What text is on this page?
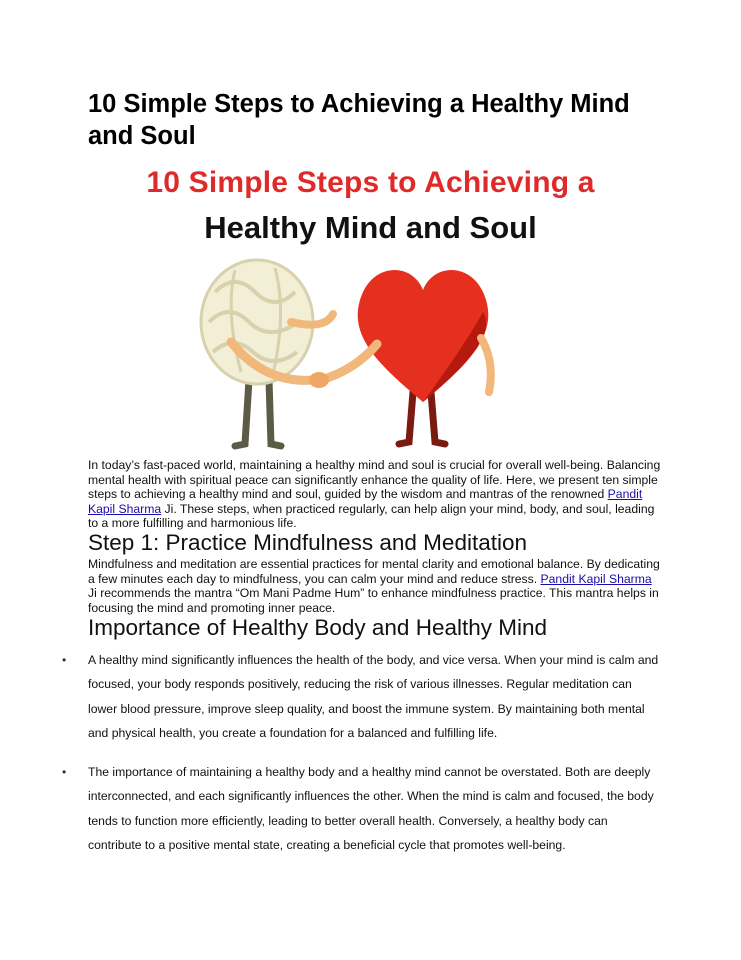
10 Simple Steps to Achieving a Healthy Mind and Soul
10 Simple Steps to Achieving a
Healthy Mind and Soul

In today’s fast-paced world, maintaining a healthy mind and soul is crucial for overall well-being. Balancing mental health with spiritual peace can significantly enhance the quality of life. Here, we present ten simple steps to achieving a healthy mind and soul, guided by the wisdom and mantras of the renowned Pandit Kapil Sharma Ji. These steps, when practiced regularly, can help align your mind, body, and soul, leading to a more fulfilling and harmonious life.

Step 1: Practice Mindfulness and Meditation

Mindfulness and meditation are essential practices for mental clarity and emotional balance. By dedicating a few minutes each day to mindfulness, you can calm your mind and reduce stress. Pandit Kapil Sharma Ji recommends the mantra “Om Mani Padme Hum” to enhance mindfulness practice. This mantra helps in focusing the mind and promoting inner peace.

Importance of Healthy Body and Healthy Mind
• A healthy mind significantly influences the health of the body, and vice versa. When your mind is calm and focused, your body responds positively, reducing the risk of various illnesses. Regular meditation can lower blood pressure, improve sleep quality, and boost the immune system. By maintaining both mental and physical health, you create a foundation for a balanced and fulfilling life.
• The importance of maintaining a healthy body and a healthy mind cannot be overstated. Both are deeply interconnected, and each significantly influences the other. When the mind is calm and focused, the body tends to function more efficiently, leading to better overall health. Conversely, a healthy body can contribute to a positive mental state, creating a beneficial cycle that promotes well-being.
